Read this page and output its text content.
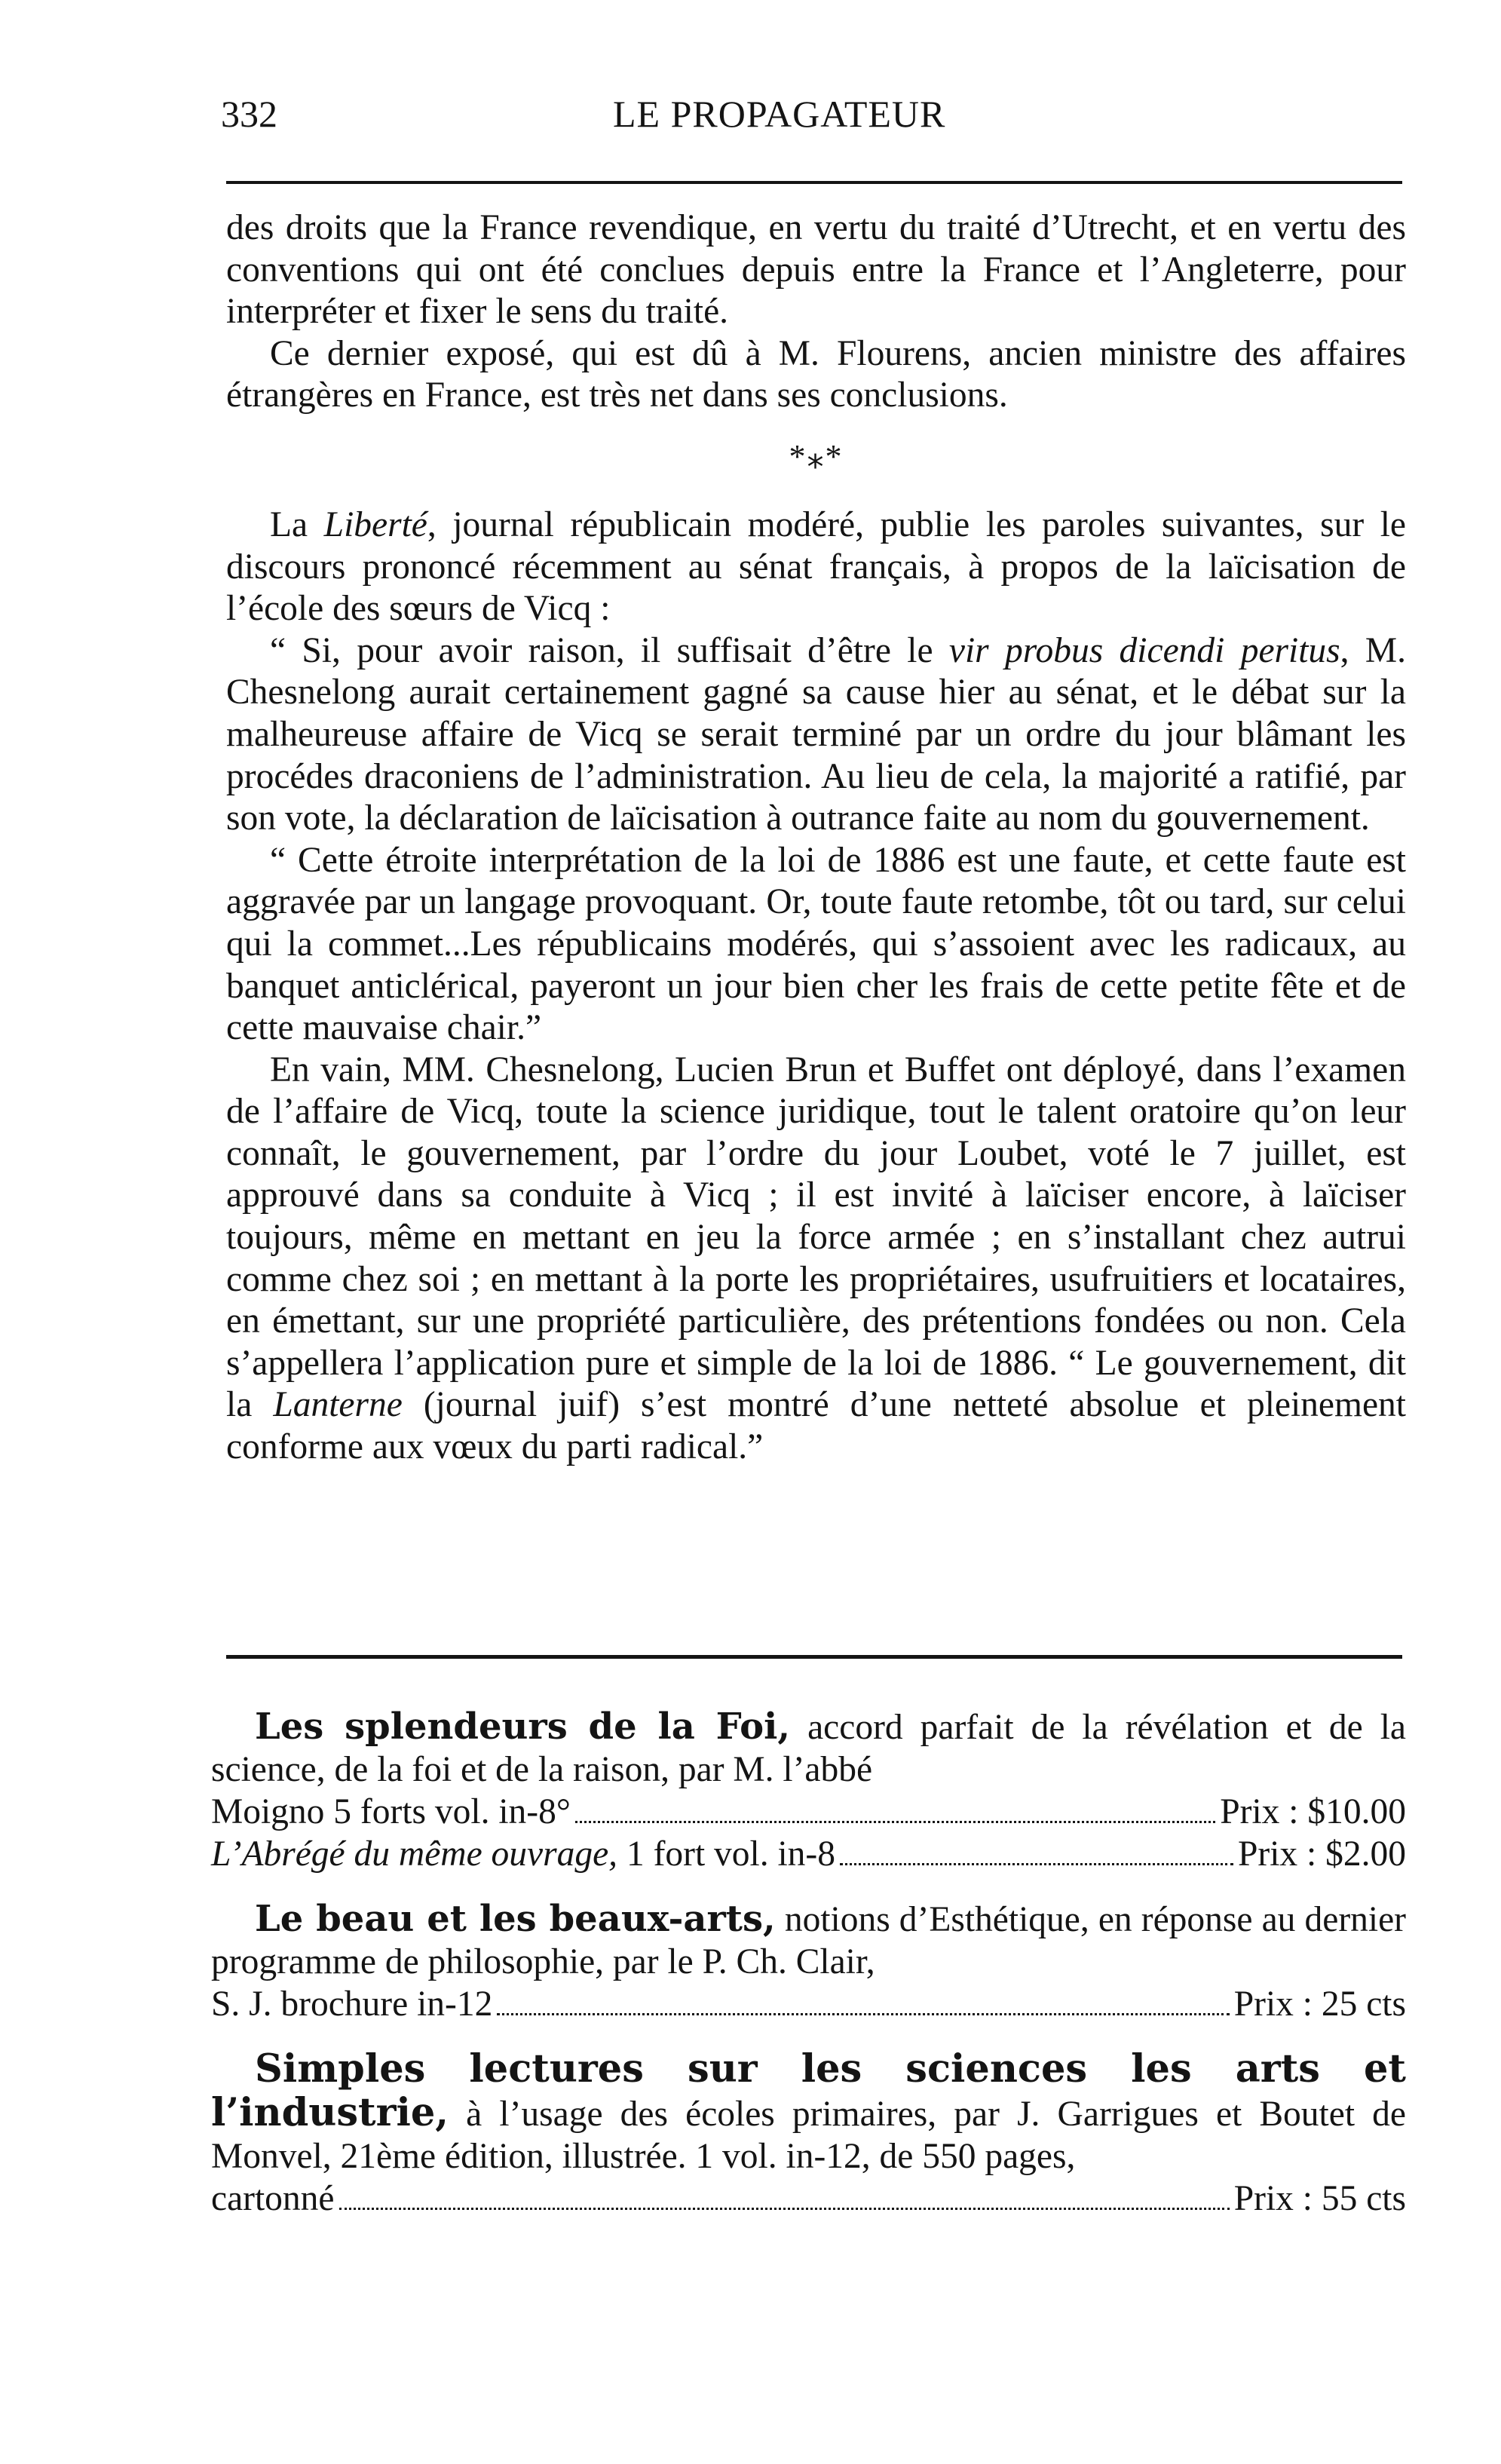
332	LE PROPAGATEUR

des droits que la France revendique, en vertu du traité d’Utrecht, et en vertu des conventions qui ont été conclues depuis entre la France et l’Angleterre, pour interpréter et fixer le sens du traité.

Ce dernier exposé, qui est dû à M. Flourens, ancien ministre des affaires étrangères en France, est très net dans ses conclusions.

*⁎*

La Liberté, journal républicain modéré, publie les paroles suivantes, sur le discours prononcé récemment au sénat français, à propos de la laïcisation de l’école des sœurs de Vicq :

“ Si, pour avoir raison, il suffisait d’être le vir probus dicendi peritus, M. Chesnelong aurait certainement gagné sa cause hier au sénat, et le débat sur la malheureuse affaire de Vicq se serait terminé par un ordre du jour blâmant les procédes draconiens de l’administration. Au lieu de cela, la majorité a ratifié, par son vote, la déclaration de laïcisation à outrance faite au nom du gouvernement.

“ Cette étroite interprétation de la loi de 1886 est une faute, et cette faute est aggravée par un langage provoquant. Or, toute faute retombe, tôt ou tard, sur celui qui la commet...Les républicains modérés, qui s’assoient avec les radicaux, au banquet anticlérical, payeront un jour bien cher les frais de cette petite fête et de cette mauvaise chair.”

En vain, MM. Chesnelong, Lucien Brun et Buffet ont déployé, dans l’examen de l’affaire de Vicq, toute la science juridique, tout le talent oratoire qu’on leur connaît, le gouvernement, par l’ordre du jour Loubet, voté le 7 juillet, est approuvé dans sa conduite à Vicq ; il est invité à laïciser encore, à laïciser toujours, même en mettant en jeu la force armée ; en s’installant chez autrui comme chez soi ; en mettant à la porte les propriétaires, usufruitiers et locataires, en émettant, sur une propriété particulière, des prétentions fondées ou non. Cela s’appellera l’application pure et simple de la loi de 1886. “ Le gouvernement, dit la Lanterne (journal juif) s’est montré d’une netteté absolue et pleinement conforme aux vœux du parti radical.”

Les splendeurs de la Foi, accord parfait de la révélation et de la science, de la foi et de la raison, par M. l’abbé
Moigno 5 forts vol. in-8°	Prix : $10.00
L’Abrégé du même ouvrage, 1 fort vol. in-8	Prix : $2.00
Le beau et les beaux-arts, notions d’Esthétique, en réponse au dernier programme de philosophie, par le P. Ch. Clair,
S. J. brochure in-12	Prix : 25 cts
Simples lectures sur les sciences les arts et l’industrie, à l’usage des écoles primaires, par J. Garrigues et Boutet de Monvel, 21ème édition, illustrée. 1 vol. in-12, de 550 pages,
cartonné	Prix : 55 cts
